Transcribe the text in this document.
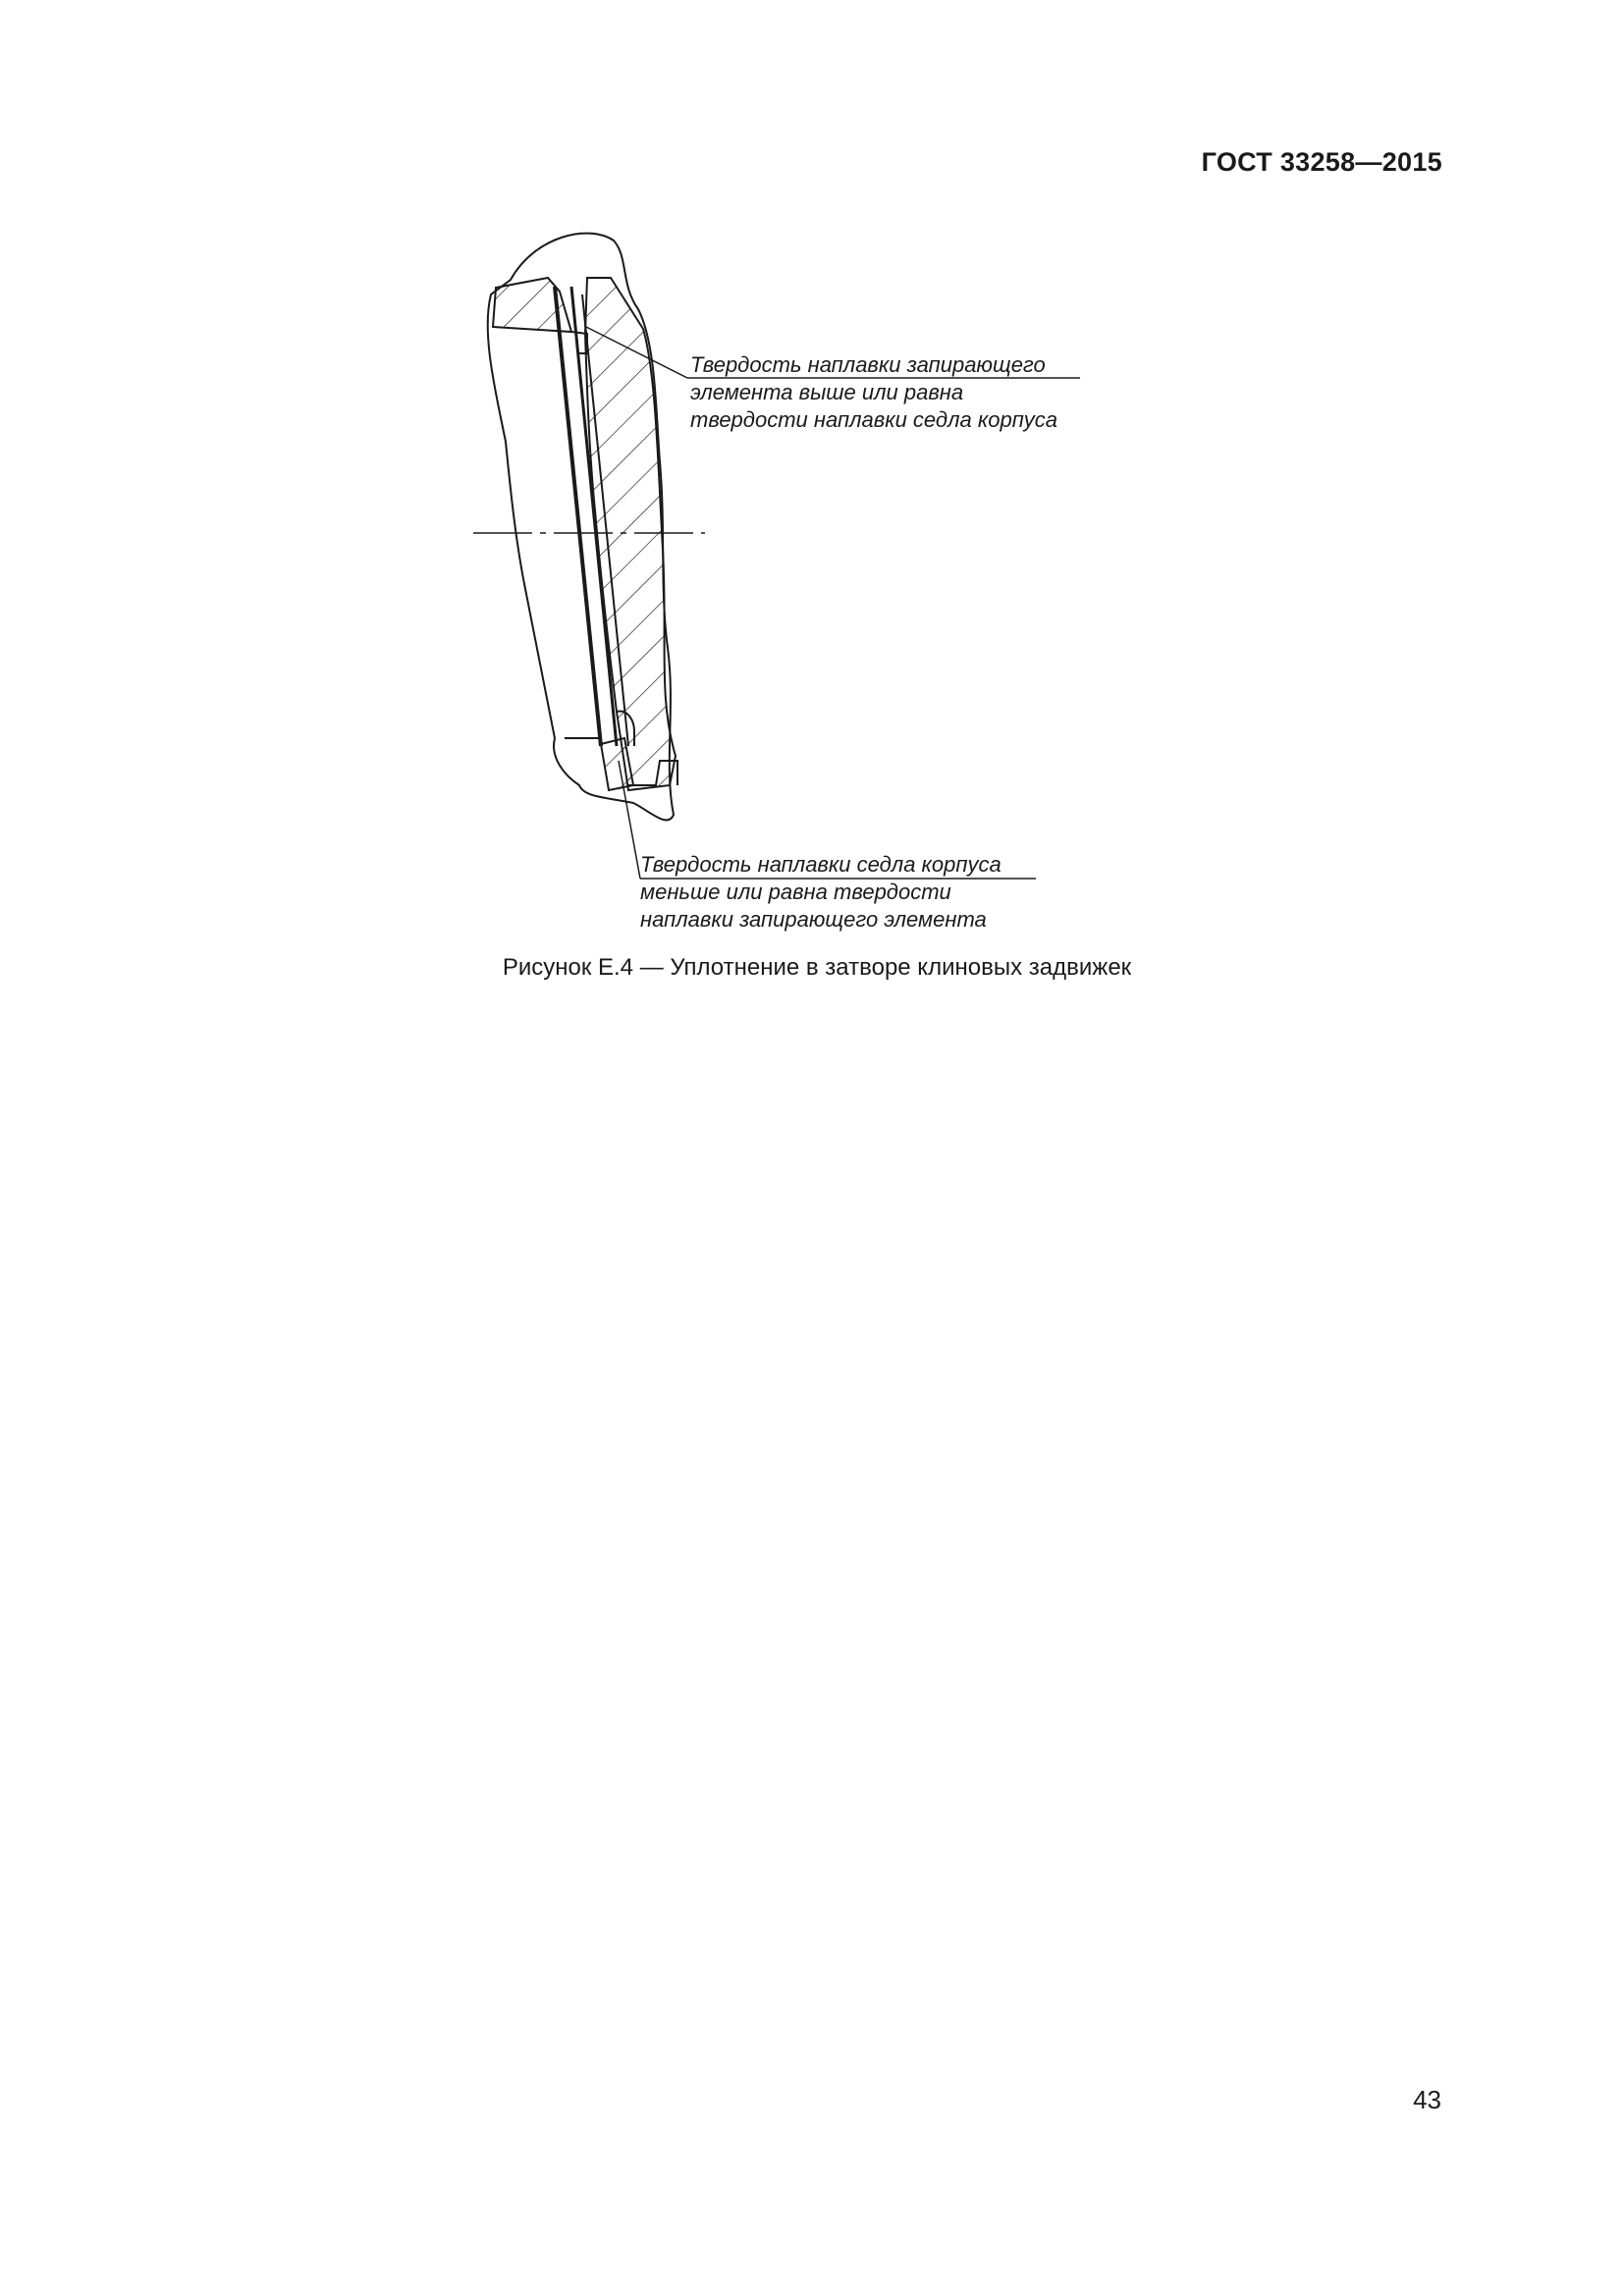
ГОСТ 33258—2015
Твердость наплавки запирающего
элемента выше или равна
твердости наплавки седла корпуса
Твердость наплавки седла корпуса
меньше или равна твердости
наплавки запирающего элемента
Рисунок Е.4 — Уплотнение в затворе клиновых задвижек
43
